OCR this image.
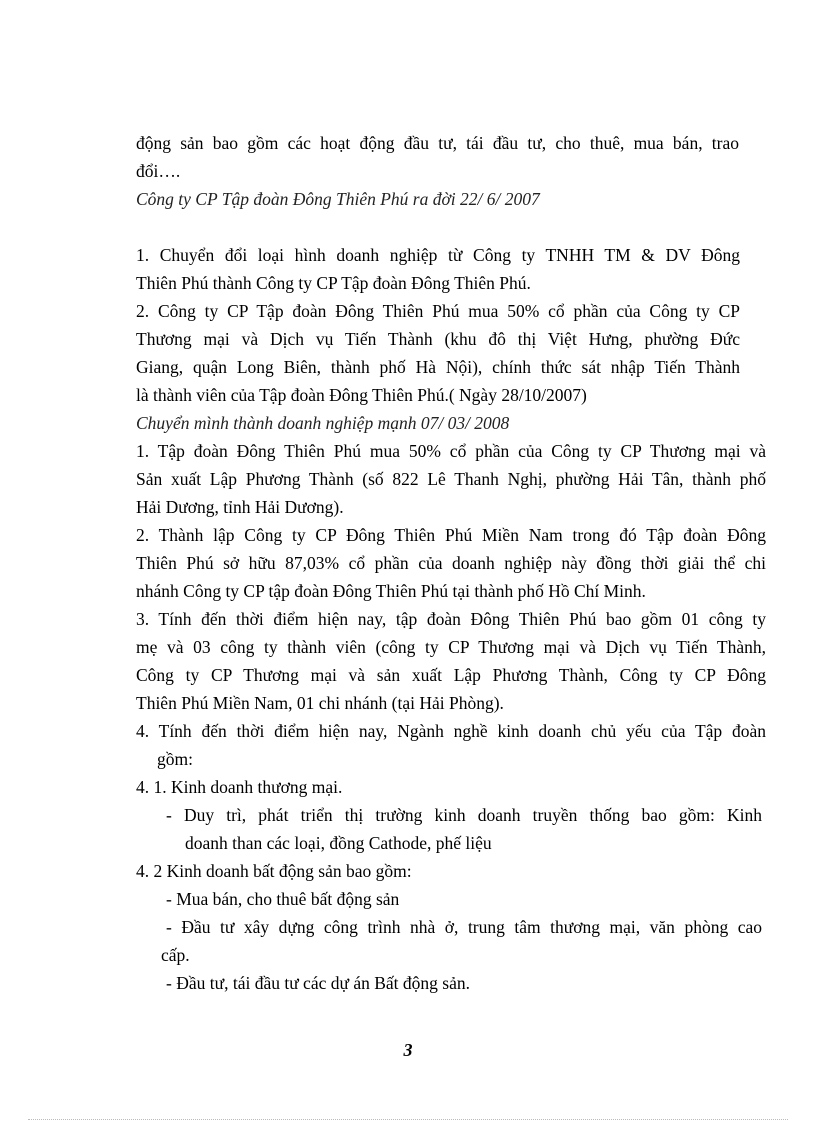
động sản bao gồm các hoạt động đầu tư, tái đầu tư, cho thuê, mua bán, trao
đổi….
Công ty CP Tập đoàn Đông Thiên Phú ra đời 22/ 6/ 2007
1. Chuyển đổi loại hình doanh nghiệp từ Công ty TNHH TM & DV Đông
Thiên Phú thành Công ty CP Tập đoàn Đông Thiên Phú.
2. Công ty CP Tập đoàn Đông Thiên Phú mua 50% cổ phần của Công ty CP
Thương mại và Dịch vụ Tiến Thành (khu đô thị Việt Hưng, phường Đức
Giang, quận Long Biên, thành phố Hà Nội), chính thức sát nhập Tiến Thành
là thành viên của Tập đoàn Đông Thiên Phú.( Ngày 28/10/2007)
Chuyển mình thành doanh nghiệp mạnh 07/ 03/ 2008
1. Tập đoàn Đông Thiên Phú mua 50% cổ phần của Công ty CP Thương mại và
Sản xuất Lập Phương Thành (số 822 Lê Thanh Nghị, phường Hải Tân, thành phố
Hải Dương, tỉnh Hải Dương).
2. Thành lập Công ty CP Đông Thiên Phú Miền Nam trong đó Tập đoàn Đông
Thiên Phú sở hữu 87,03% cổ phần của doanh nghiệp này đồng thời giải thể chi
nhánh Công ty CP tập đoàn Đông Thiên Phú tại thành phố Hồ Chí Minh.
3. Tính đến thời điểm hiện nay, tập đoàn Đông Thiên Phú bao gồm 01 công ty
mẹ và 03 công ty thành viên (công ty CP Thương mại và Dịch vụ Tiến Thành,
Công ty CP Thương mại và sản xuất Lập Phương Thành, Công ty CP Đông
Thiên Phú Miền Nam, 01 chi nhánh (tại Hải Phòng).
4. Tính đến thời điểm hiện nay, Ngành nghề kinh doanh chủ yếu của Tập đoàn
gồm:
4. 1. Kinh doanh thương mại.
- Duy trì, phát triển thị trường kinh doanh truyền thống bao gồm: Kinh
doanh than các loại, đồng Cathode, phế liệu
4. 2 Kinh doanh bất động sản bao gồm:
- Mua bán, cho thuê bất động sản
- Đầu tư xây dựng công trình nhà ở, trung tâm thương mại, văn phòng cao
cấp.
- Đầu tư, tái đầu tư các dự án Bất động sản.
3
